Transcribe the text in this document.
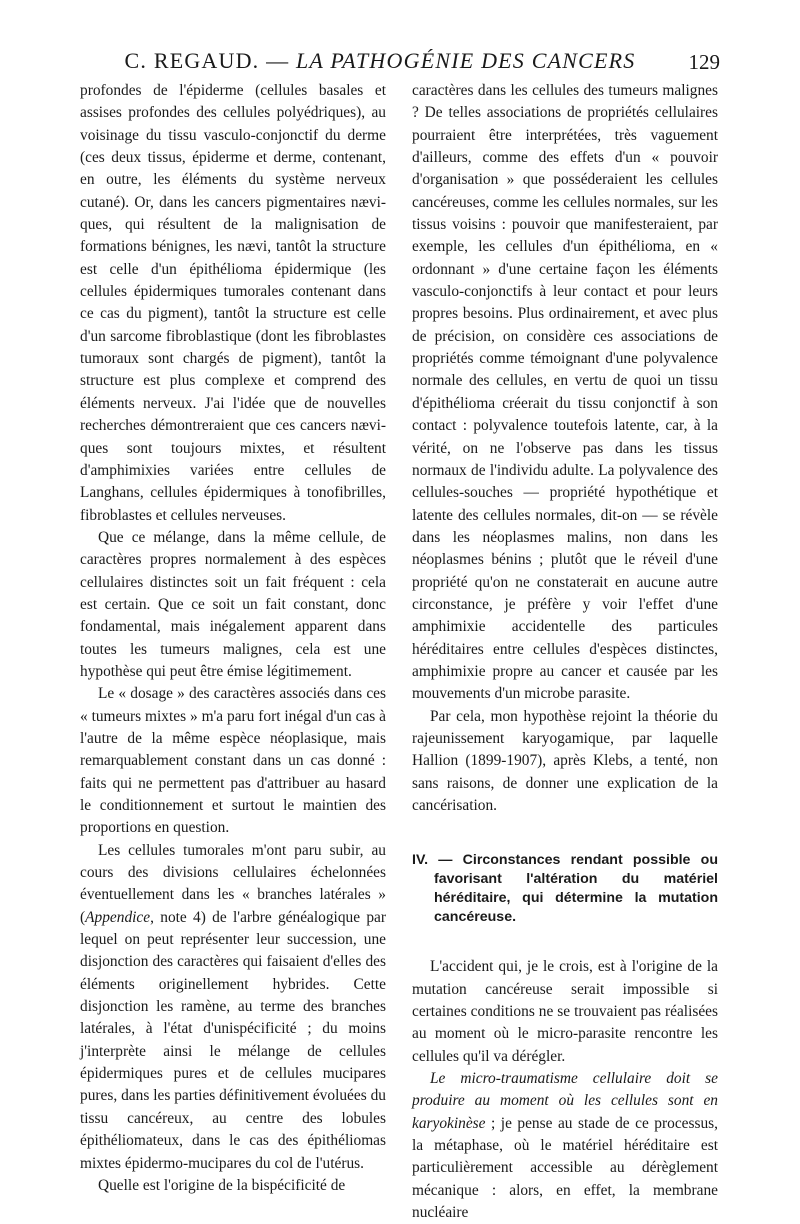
C. REGAUD. — LA PATHOGÉNIE DES CANCERS	129

profondes de l'épiderme (cellules basales et assises profondes des cellules polyédriques), au voisinage du tissu vasculo-conjonctif du derme (ces deux tissus, épiderme et derme, contenant, en outre, les éléments du système nerveux cutané). Or, dans les cancers pigmentaires næviques, qui résultent de la malignisation de formations bénignes, les nævi, tantôt la structure est celle d'un épithélioma épidermique (les cellules épidermiques tumorales contenant dans ce cas du pigment), tantôt la structure est celle d'un sarcome fibroblastique (dont les fibroblastes tumoraux sont chargés de pigment), tantôt la structure est plus complexe et comprend des éléments nerveux. J'ai l'idée que de nouvelles recherches démontreraient que ces cancers næviques sont toujours mixtes, et résultent d'amphimixies variées entre cellules de Langhans, cellules épidermiques à tonofibrilles, fibroblastes et cellules nerveuses.

Que ce mélange, dans la même cellule, de caractères propres normalement à des espèces cellulaires distinctes soit un fait fréquent : cela est certain. Que ce soit un fait constant, donc fondamental, mais inégalement apparent dans toutes les tumeurs malignes, cela est une hypothèse qui peut être émise légitimement.

Le « dosage » des caractères associés dans ces « tumeurs mixtes » m'a paru fort inégal d'un cas à l'autre de la même espèce néoplasique, mais remarquablement constant dans un cas donné : faits qui ne permettent pas d'attribuer au hasard le conditionnement et surtout le maintien des proportions en question.

Les cellules tumorales m'ont paru subir, au cours des divisions cellulaires échelonnées éventuellement dans les « branches latérales » (Appendice, note 4) de l'arbre généalogique par lequel on peut représenter leur succession, une disjonction des caractères qui faisaient d'elles des éléments originellement hybrides. Cette disjonction les ramène, au terme des branches latérales, à l'état d'unispécificité ; du moins j'interprète ainsi le mélange de cellules épidermiques pures et de cellules mucipares pures, dans les parties définitivement évoluées du tissu cancéreux, au centre des lobules épithéliomateux, dans le cas des épithéliomas mixtes épidermo-mucipares du col de l'utérus.

Quelle est l'origine de la bispécificité de

caractères dans les cellules des tumeurs malignes ? De telles associations de propriétés cellulaires pourraient être interprétées, très vaguement d'ailleurs, comme des effets d'un « pouvoir d'organisation » que posséderaient les cellules cancéreuses, comme les cellules normales, sur les tissus voisins : pouvoir que manifesteraient, par exemple, les cellules d'un épithélioma, en « ordonnant » d'une certaine façon les éléments vasculo-conjonctifs à leur contact et pour leurs propres besoins. Plus ordinairement, et avec plus de précision, on considère ces associations de propriétés comme témoignant d'une polyvalence normale des cellules, en vertu de quoi un tissu d'épithélioma créerait du tissu conjonctif à son contact : polyvalence toutefois latente, car, à la vérité, on ne l'observe pas dans les tissus normaux de l'individu adulte. La polyvalence des cellules-souches — propriété hypothétique et latente des cellules normales, dit-on — se révèle dans les néoplasmes malins, non dans les néoplasmes bénins ; plutôt que le réveil d'une propriété qu'on ne constaterait en aucune autre circonstance, je préfère y voir l'effet d'une amphimixie accidentelle des particules héréditaires entre cellules d'espèces distinctes, amphimixie propre au cancer et causée par les mouvements d'un microbe parasite.

Par cela, mon hypothèse rejoint la théorie du rajeunissement karyogamique, par laquelle Hallion (1899-1907), après Klebs, a tenté, non sans raisons, de donner une explication de la cancérisation.

IV. — Circonstances rendant possible ou favorisant l'altération du matériel héréditaire, qui détermine la mutation cancéreuse.

L'accident qui, je le crois, est à l'origine de la mutation cancéreuse serait impossible si certaines conditions ne se trouvaient pas réalisées au moment où le micro-parasite rencontre les cellules qu'il va dérégler.

Le micro-traumatisme cellulaire doit se produire au moment où les cellules sont en karyokinèse ; je pense au stade de ce processus, la métaphase, où le matériel héréditaire est particulièrement accessible au dérèglement mécanique : alors, en effet, la membrane nucléaire
